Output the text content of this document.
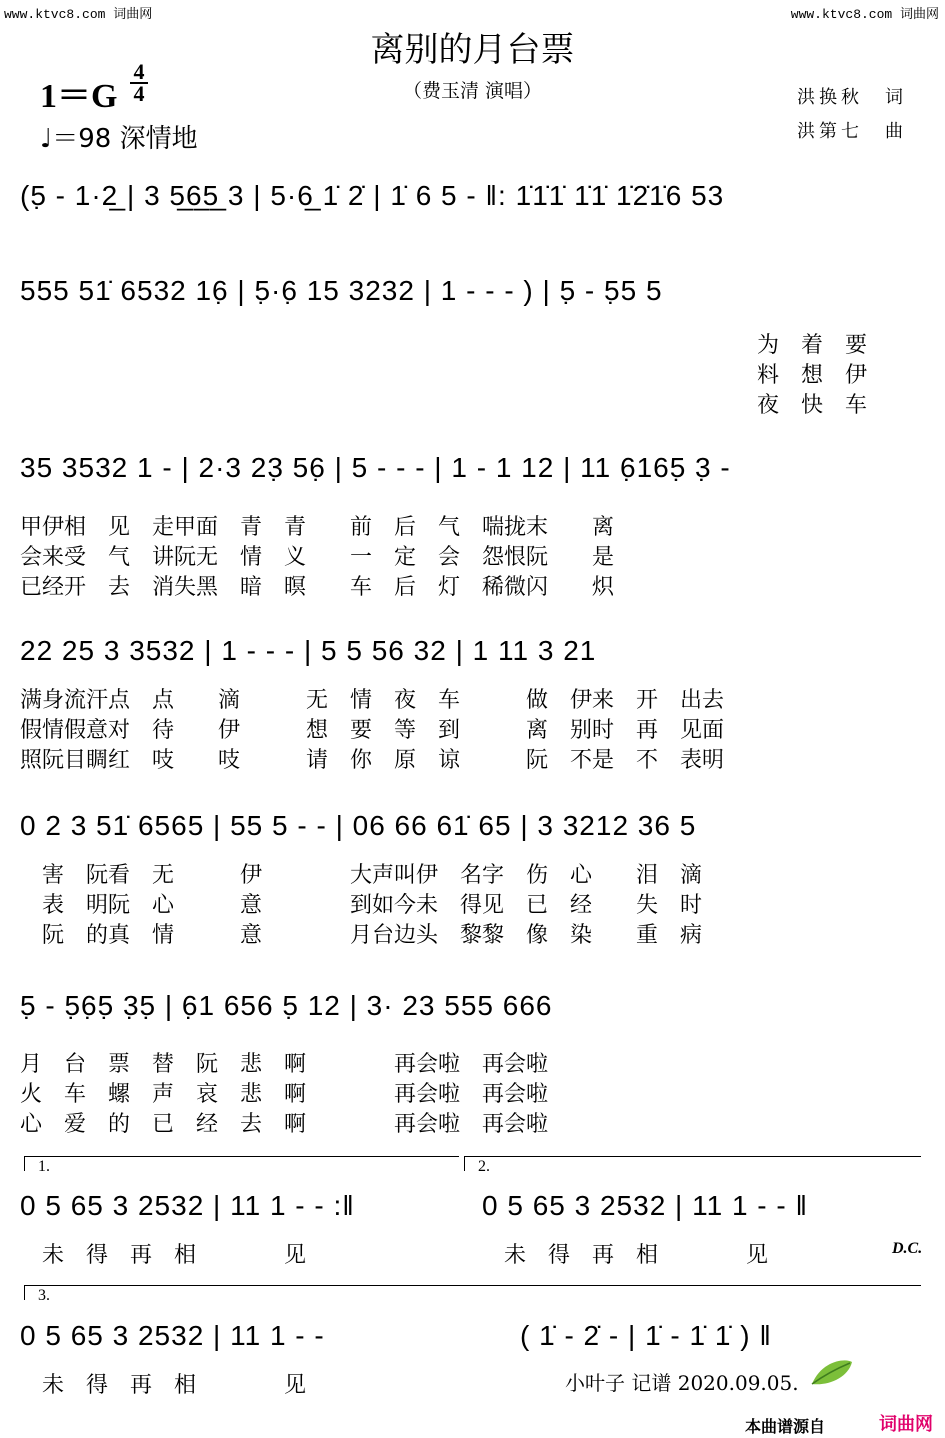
www.ktvc8.com 词曲网	www.ktvc8.com 词曲网
离别的月台票
（费玉清 演唱）
1＝G
4
4
♩＝98 深情地
洪换秋　词
洪第七　曲
(5̣ - 1·2̲ | 3 5̲6̲5̲ 3 | 5·6̲ 1̇ 2̇ | 1̇ 6 5 - ‖: 1̇1̇1̇ 1̇1̇ 1̇2̇1̇6 53
555 51̇ 6532 16̣ | 5̣·6̣ 15 3232 | 1 - - - ) | 5̣ - 5̣5 5
为　着　要
料　想　伊
夜　快　车
35 3532 1 - | 2·3 23̣ 56̣ | 5 - - - | 1 - 1 12 | 11 6̣165̣ 3̣ -
甲伊相　见　走甲面　青　青　　前　后　气　喘拢末　　离
会来受　气　讲阮无　情　义　　一　定　会　怨恨阮　　是
已经开　去　消失黑　暗　暝　　车　后　灯　稀微闪　　炽
22 25 3 3532 | 1 - - - | 5 5 56 32 | 1 11 3 21
满身流汗点　点　　滴　　　无　情　夜　车　　　做　伊来　开　出去
假情假意对　待　　伊　　　想　要　等　到　　　离　别时　再　见面
照阮目睭红　吱　　吱　　　请　你　原　谅　　　阮　不是　不　表明
0 2 3 51̇ 6565 | 55 5 - - | 06 66 61̇ 65 | 3 3212 36 5
　害　阮看　无　　　伊　　　　大声叫伊　名字　伤　心　　泪　滴
　表　明阮　心　　　意　　　　到如今未　得见　已　经　　失　时
　阮　的真　情　　　意　　　　月台边头　黎黎　像　染　　重　病
5̣ - 5̣6̣5̣ 3̣5̣ | 6̣1 656 5̣ 12 | 3· 23 555 666
月　台　票　替　阮　悲　啊　　　　再会啦　再会啦
火　车　螺　声　哀　悲　啊　　　　再会啦　再会啦
心　爱　的　已　经　去　啊　　　　再会啦　再会啦
1.	2.
0 5 65 3 2532 | 11 1 - - :‖	0 5 65 3 2532 | 11 1 - - ‖
　未　得　再　相　　　　见	　未　得　再　相　　　　见	D.C.
3.
0 5 65 3 2532 | 11 1 - -	( 1̇ - 2̇ - | 1̇ - 1̇ 1̇ ) ‖
　未　得　再　相　　　　见	小叶子 记谱 2020.09.05.
本曲谱源自	词曲网
